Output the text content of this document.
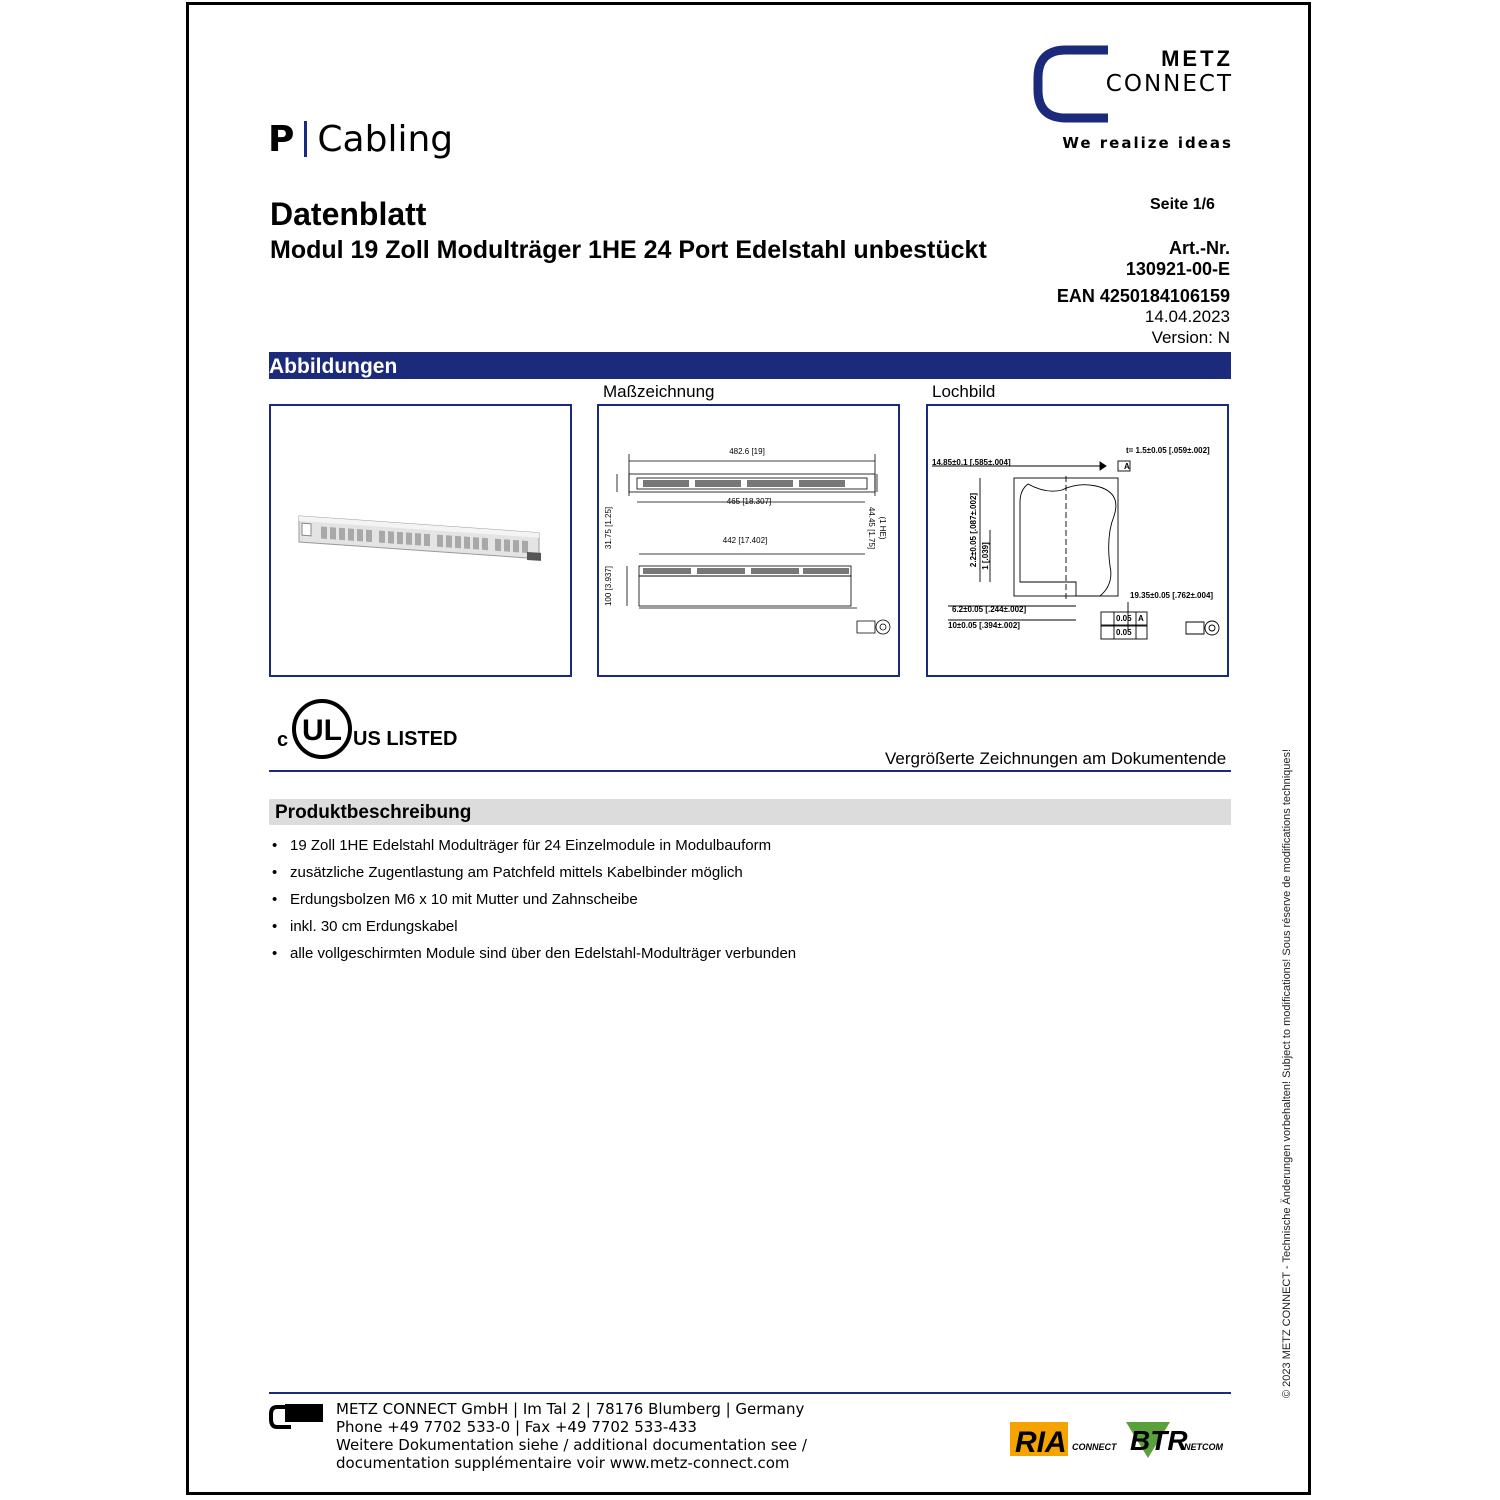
METZ
CONNECT
We realize ideas
P Cabling
Datenblatt
Modul 19 Zoll Modulträger 1HE 24 Port Edelstahl unbestückt
Seite 1/6
Art.-Nr.
130921-00-E
EAN 4250184106159
14.04.2023
Version: N
Abbildungen
Maßzeichnung	Lochbild
482.6 [19]
465 [18.307]
442 [17.402]
31.75 [1.25]	44.45 [1.75] (1 HE)
100 [3.937]
14.85±0.1 [.585±.004]
t= 1.5±0.05 [.059±.002]
A
2.2±0.05 [.087±.002] 1 [.039]
19.35±0.05 [.762±.004]
6.2±0.05 [.244±.002]
10±0.05 [.394±.002]
0.05
0.05
A
c UL US LISTED
Vergrößerte Zeichnungen am Dokumentende
Produktbeschreibung
• 19 Zoll 1HE Edelstahl Modulträger für 24 Einzelmodule in Modulbauform
• zusätzliche Zugentlastung am Patchfeld mittels Kabelbinder möglich
• Erdungsbolzen M6 x 10 mit Mutter und Zahnscheibe
• inkl. 30 cm Erdungskabel
• alle vollgeschirmten Module sind über den Edelstahl-Modulträger verbunden	© 2023 METZ CONNECT - Technische Änderungen vorbehalten! Subject to modifications! Sous réserve de modifications techniques!
METZ CONNECT GmbH | Im Tal 2 | 78176 Blumberg | Germany
Phone +49 7702 533-0 | Fax +49 7702 533-433
Weitere Dokumentation siehe / additional documentation see /
documentation supplémentaire voir www.metz-connect.com
RIA CONNECT BTR
NETCOM
